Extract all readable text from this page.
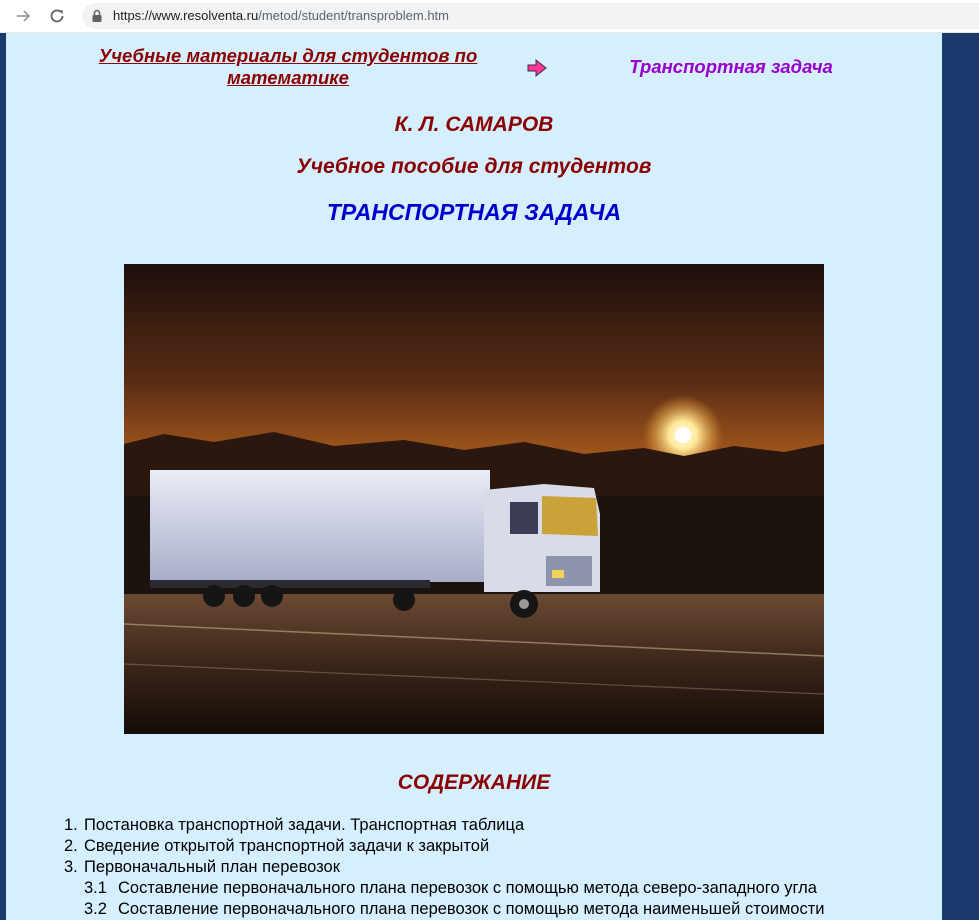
https://www.resolventa.ru/metod/student/transproblem.htm
Учебные материалы для студентов по математике
Транспортная задача
К. Л. САМАРОВ
Учебное пособие для студентов
ТРАНСПОРТНАЯ ЗАДАЧА
СОДЕРЖАНИЕ
1. Постановка транспортной задачи. Транспортная таблица
2. Сведение открытой транспортной задачи к закрытой
3. Первоначальный план перевозок
3.1 Составление первоначального плана перевозок с помощью метода северо-западного угла
3.2 Составление первоначального плана перевозок с помощью метода наименьшей стоимости
